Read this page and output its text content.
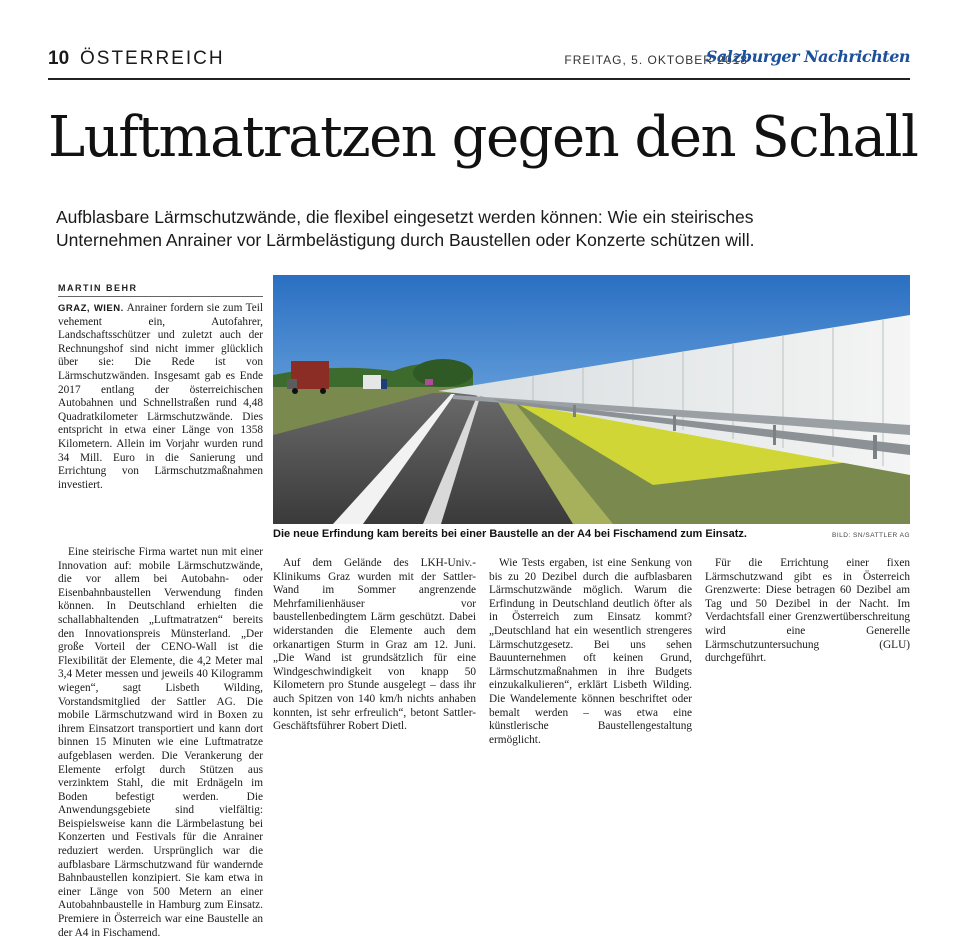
10 ÖSTERREICH	FREITAG, 5. OKTOBER 2018
Salzburger Nachrichten
Luftmatratzen gegen den Schall
Aufblasbare Lärmschutzwände, die flexibel eingesetzt werden können: Wie ein steirisches
Unternehmen Anrainer vor Lärmbelästigung durch Baustellen oder Konzerte schützen will.
MARTIN BEHR

GRAZ, WIEN. Anrainer fordern sie zum Teil vehement ein, Autofahrer, Landschaftsschützer und zuletzt auch der Rechnungshof sind nicht immer glücklich über sie: Die Rede ist von Lärmschutzwänden. Insgesamt gab es Ende 2017 entlang der österreichischen Autobahnen und Schnellstraßen rund 4,48 Quadratkilometer Lärmschutzwände. Dies entspricht in etwa einer Länge von 1358 Kilometern. Allein im Vorjahr wurden rund 34 Mill. Euro in die Sanierung und Errichtung von Lärmschutzmaßnahmen investiert.

Eine steirische Firma wartet nun mit einer Innovation auf: mobile Lärmschutzwände, die vor allem bei Autobahn- oder Eisenbahnbaustellen Verwendung finden können. In Deutschland erhielten die schallabhaltenden „Luftmatratzen“ bereits den Innovationspreis Münsterland. „Der große Vorteil der CENO-Wall ist die Flexibilität der Elemente, die 4,2 Meter mal 3,4 Meter messen und jeweils 40 Kilogramm wiegen“, sagt Lisbeth Wilding, Vorstandsmitglied der Sattler AG. Die mobile Lärmschutzwand wird in Boxen zu ihrem Einsatzort transportiert und kann dort binnen 15 Minuten wie eine Luftmatratze aufgeblasen werden. Die Verankerung der Elemente erfolgt durch Stützen aus verzinktem Stahl, die mit Erdnägeln im Boden befestigt werden. Die Anwendungsgebiete sind vielfältig: Beispielsweise kann die Lärmbelastung bei Konzerten und Festivals für die Anrainer reduziert werden. Ursprünglich war die aufblasbare Lärmschutzwand für wandernde Bahnbaustellen konzipiert. Sie kam etwa in einer Länge von 500 Metern an einer Autobahnbaustelle in Hamburg zum Einsatz. Premiere in Österreich war eine Baustelle an der A4 in Fischamend.

Auf dem Gelände des LKH-Univ.-Klinikums Graz wurden mit der Sattler-Wand im Sommer angrenzende Mehrfamilienhäuser vor baustellenbedingtem Lärm geschützt. Dabei widerstanden die Elemente auch dem orkanartigen Sturm in Graz am 12. Juni. „Die Wand ist grundsätzlich für eine Windgeschwindigkeit von knapp 50 Kilometern pro Stunde ausgelegt – dass ihr auch Spitzen von 140 km/h nichts anhaben konnten, ist sehr erfreulich“, betont Sattler-Geschäftsführer Robert Dietl.

Wie Tests ergaben, ist eine Senkung von bis zu 20 Dezibel durch die aufblasbaren Lärmschutzwände möglich. Warum die Erfindung in Deutschland deutlich öfter als in Österreich zum Einsatz kommt? „Deutschland hat ein wesentlich strengeres Lärmschutzgesetz. Bei uns sehen Bauunternehmen oft keinen Grund, Lärmschutzmaßnahmen in ihre Budgets einzukalkulieren“, erklärt Lisbeth Wilding. Die Wandelemente können beschriftet oder bemalt werden – was etwa eine künstlerische Baustellengestaltung ermöglicht.

Für die Errichtung einer fixen Lärmschutzwand gibt es in Österreich Grenzwerte: Diese betragen 60 Dezibel am Tag und 50 Dezibel in der Nacht. Im Verdachtsfall einer Grenzwertüberschreitung wird eine Generelle Lärmschutzuntersuchung (GLU) durchgeführt.

Die neue Erfindung kam bereits bei einer Baustelle an der A4 bei Fischamend zum Einsatz.	BILD: SN/SATTLER AG
